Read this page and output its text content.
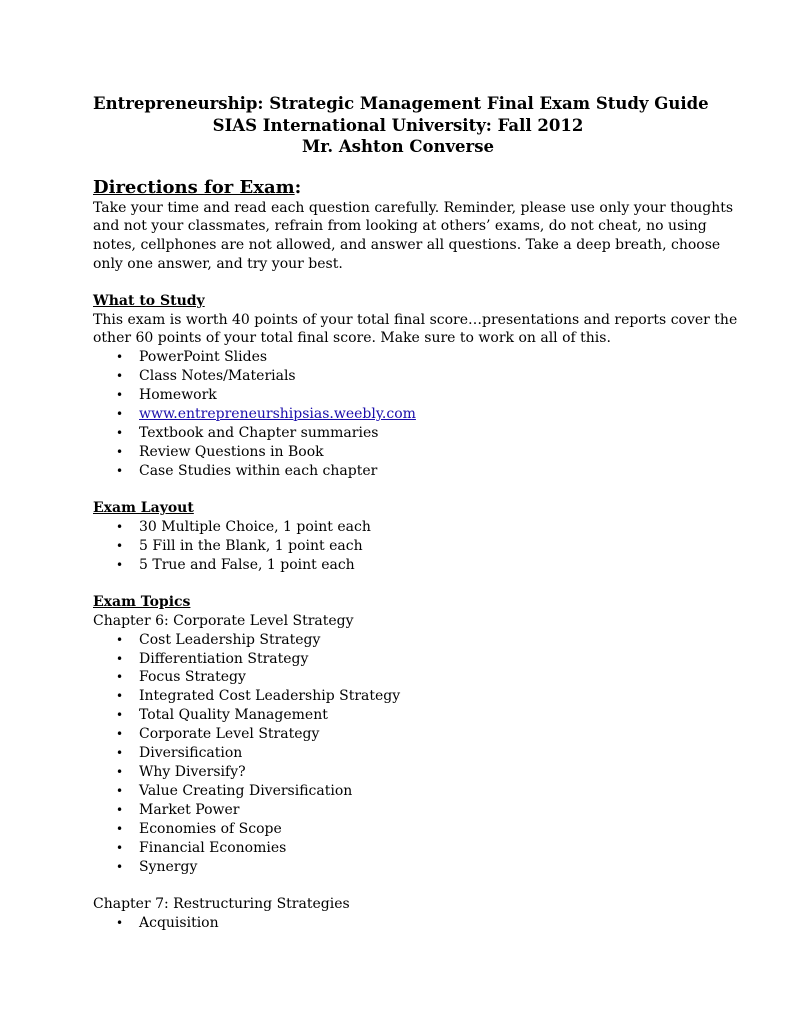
Entrepreneurship: Strategic Management Final Exam Study Guide
SIAS International University: Fall 2012
Mr. Ashton Converse
Directions for Exam:
Take your time and read each question carefully. Reminder, please use only your thoughts
and not your classmates, refrain from looking at others’ exams, do not cheat, no using
notes, cellphones are not allowed, and answer all questions. Take a deep breath, choose
only one answer, and try your best.
What to Study
This exam is worth 40 points of your total final score…presentations and reports cover the
other 60 points of your total final score. Make sure to work on all of this.
• PowerPoint Slides
• Class Notes/Materials
• Homework
• www.entrepreneurshipsias.weebly.com
• Textbook and Chapter summaries
• Review Questions in Book
• Case Studies within each chapter
Exam Layout
• 30 Multiple Choice, 1 point each
• 5 Fill in the Blank, 1 point each
• 5 True and False, 1 point each
Exam Topics
Chapter 6: Corporate Level Strategy
• Cost Leadership Strategy
• Differentiation Strategy
• Focus Strategy
• Integrated Cost Leadership Strategy
• Total Quality Management
• Corporate Level Strategy
• Diversification
• Why Diversify?
• Value Creating Diversification
• Market Power
• Economies of Scope
• Financial Economies
• Synergy
Chapter 7: Restructuring Strategies
• Acquisition
